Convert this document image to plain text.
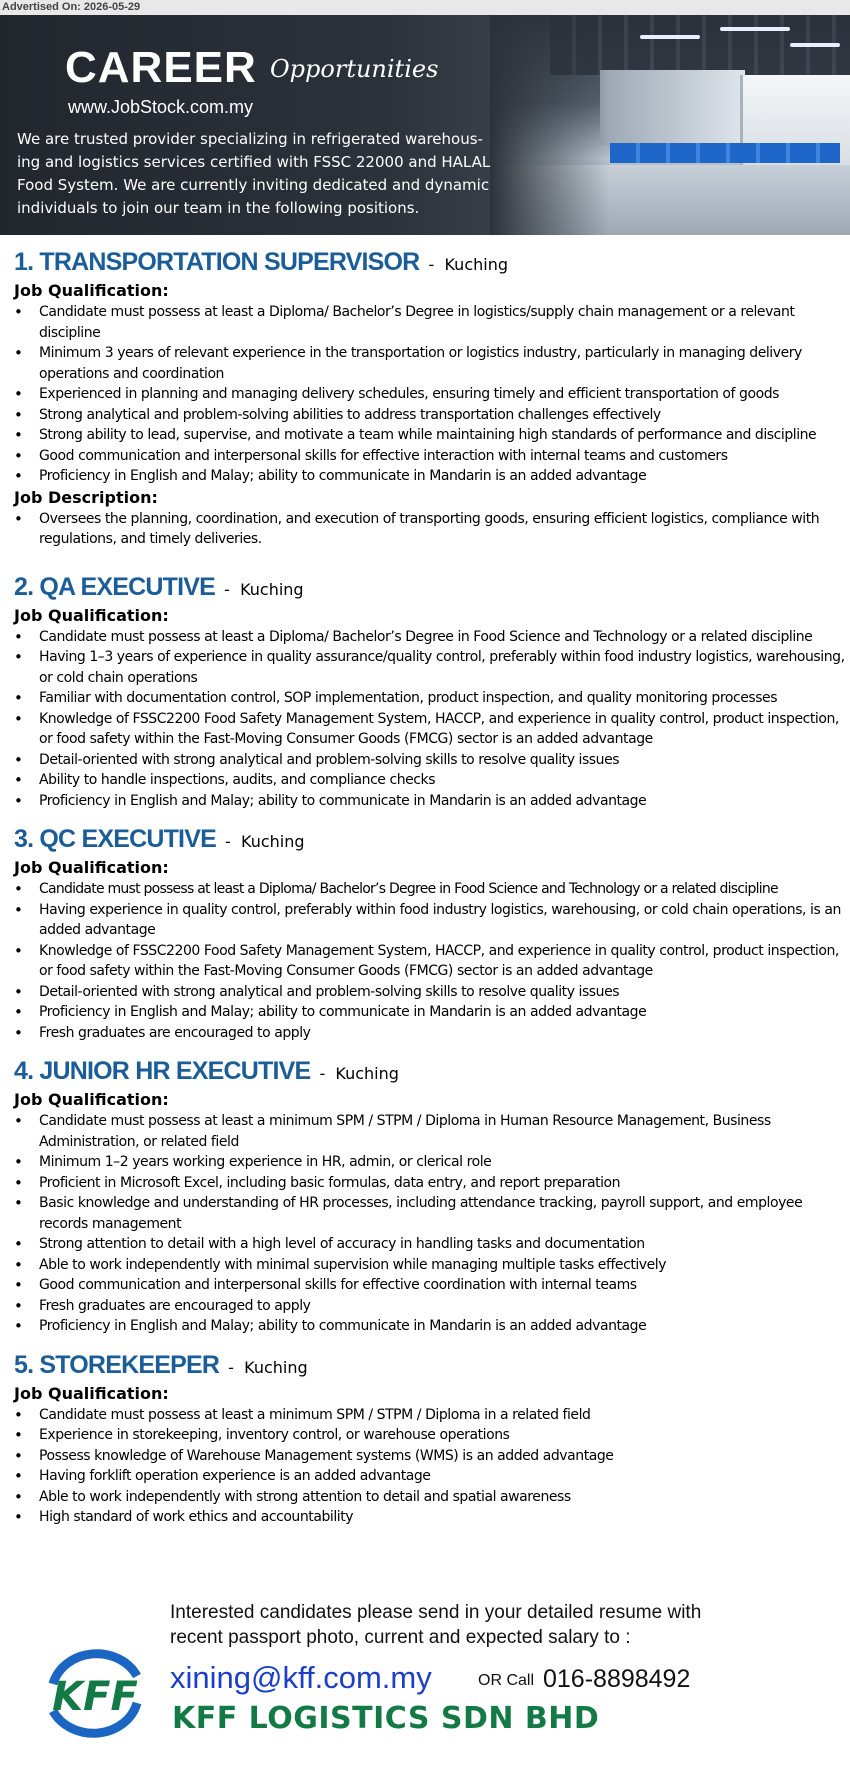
Advertised On: 2026-05-29
CAREER Opportunities
www.JobStock.com.my
We are trusted provider specializing in refrigerated warehous-
ing and logistics services certified with FSSC 22000 and HALAL
Food System. We are currently inviting dedicated and dynamic
individuals to join our team in the following positions.
1. TRANSPORTATION SUPERVISOR - Kuching
Job Qualification:
• Candidate must possess at least a Diploma/ Bachelor’s Degree in logistics/supply chain management or a relevant discipline
• Minimum 3 years of relevant experience in the transportation or logistics industry, particularly in managing delivery operations and coordination
• Experienced in planning and managing delivery schedules, ensuring timely and efficient transportation of goods
• Strong analytical and problem-solving abilities to address transportation challenges effectively
• Strong ability to lead, supervise, and motivate a team while maintaining high standards of performance and discipline
• Good communication and interpersonal skills for effective interaction with internal teams and customers
• Proficiency in English and Malay; ability to communicate in Mandarin is an added advantage
Job Description:
• Oversees the planning, coordination, and execution of transporting goods, ensuring efficient logistics, compliance with regulations, and timely deliveries.
2. QA EXECUTIVE - Kuching
Job Qualification:
• Candidate must possess at least a Diploma/ Bachelor’s Degree in Food Science and Technology or a related discipline
• Having 1–3 years of experience in quality assurance/quality control, preferably within food industry logistics, warehousing, or cold chain operations
• Familiar with documentation control, SOP implementation, product inspection, and quality monitoring processes
• Knowledge of FSSC2200 Food Safety Management System, HACCP, and experience in quality control, product inspection, or food safety within the Fast-Moving Consumer Goods (FMCG) sector is an added advantage
• Detail-oriented with strong analytical and problem-solving skills to resolve quality issues
• Ability to handle inspections, audits, and compliance checks
• Proficiency in English and Malay; ability to communicate in Mandarin is an added advantage
3. QC EXECUTIVE - Kuching
Job Qualification:
• Candidate must possess at least a Diploma/ Bachelor’s Degree in Food Science and Technology or a related discipline
• Having experience in quality control, preferably within food industry logistics, warehousing, or cold chain operations, is an added advantage
• Knowledge of FSSC2200 Food Safety Management System, HACCP, and experience in quality control, product inspection, or food safety within the Fast-Moving Consumer Goods (FMCG) sector is an added advantage
• Detail-oriented with strong analytical and problem-solving skills to resolve quality issues
• Proficiency in English and Malay; ability to communicate in Mandarin is an added advantage
• Fresh graduates are encouraged to apply
4. JUNIOR HR EXECUTIVE - Kuching
Job Qualification:
• Candidate must possess at least a minimum SPM / STPM / Diploma in Human Resource Management, Business Administration, or related field
• Minimum 1–2 years working experience in HR, admin, or clerical role
• Proficient in Microsoft Excel, including basic formulas, data entry, and report preparation
• Basic knowledge and understanding of HR processes, including attendance tracking, payroll support, and employee records management
• Strong attention to detail with a high level of accuracy in handling tasks and documentation
• Able to work independently with minimal supervision while managing multiple tasks effectively
• Good communication and interpersonal skills for effective coordination with internal teams
• Fresh graduates are encouraged to apply
• Proficiency in English and Malay; ability to communicate in Mandarin is an added advantage
5. STOREKEEPER - Kuching
Job Qualification:
• Candidate must possess at least a minimum SPM / STPM / Diploma in a related field
• Experience in storekeeping, inventory control, or warehouse operations
• Possess knowledge of Warehouse Management systems (WMS) is an added advantage
• Having forklift operation experience is an added advantage
• Able to work independently with strong attention to detail and spatial awareness
• High standard of work ethics and accountability
Interested candidates please send in your detailed resume with
recent passport photo, current and expected salary to :
KFF xining@kff.com.my	OR Call 016-8898492
KFF LOGISTICS SDN BHD
